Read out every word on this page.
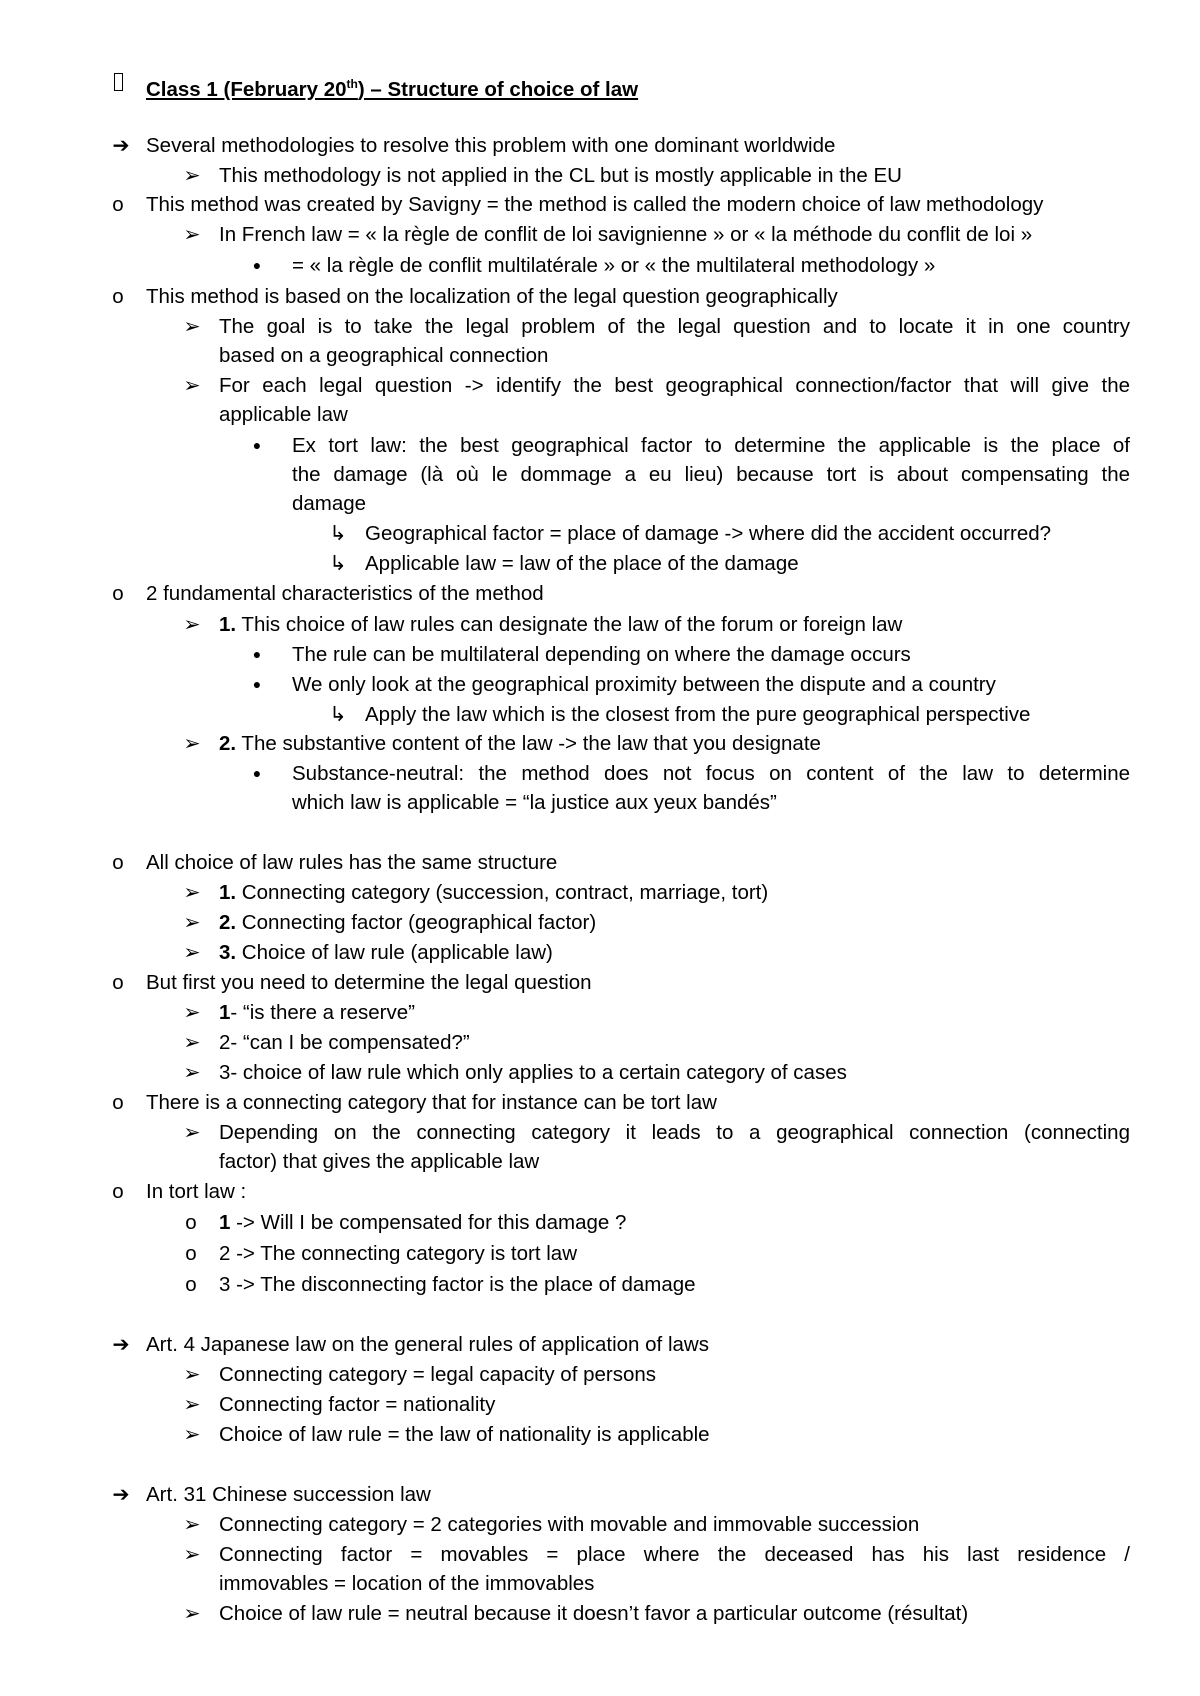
Class 1 (February 20th) – Structure of choice of law
➔ Several methodologies to resolve this problem with one dominant worldwide
➢ This methodology is not applied in the CL but is mostly applicable in the EU
o This method was created by Savigny = the method is called the modern choice of law methodology
➢ In French law = « la règle de conflit de loi savignienne » or « la méthode du conflit de loi »
● = « la règle de conflit multilatérale » or « the multilateral methodology »
o This method is based on the localization of the legal question geographically
➢ The goal is to take the legal problem of the legal question and to locate it in one country
based on a geographical connection
➢ For each legal question -> identify the best geographical connection/factor that will give the
applicable law
● Ex tort law: the best geographical factor to determine the applicable is the place of
the damage (là où le dommage a eu lieu) because tort is about compensating the
damage
↳ Geographical factor = place of damage -> where did the accident occurred?
↳ Applicable law = law of the place of the damage
o 2 fundamental characteristics of the method
➢ 1. This choice of law rules can designate the law of the forum or foreign law
● The rule can be multilateral depending on where the damage occurs
● We only look at the geographical proximity between the dispute and a country
↳ Apply the law which is the closest from the pure geographical perspective
➢ 2. The substantive content of the law -> the law that you designate
● Substance-neutral: the method does not focus on content of the law to determine
which law is applicable = “la justice aux yeux bandés”
o All choice of law rules has the same structure
➢ 1. Connecting category (succession, contract, marriage, tort)
➢ 2. Connecting factor (geographical factor)
➢ 3. Choice of law rule (applicable law)
o But first you need to determine the legal question
➢ 1- “is there a reserve”
➢ 2- “can I be compensated?”
➢ 3- choice of law rule which only applies to a certain category of cases
o There is a connecting category that for instance can be tort law
➢ Depending on the connecting category it leads to a geographical connection (connecting
factor) that gives the applicable law
o In tort law :
o 1 -> Will I be compensated for this damage ?
o 2 -> The connecting category is tort law
o 3 -> The disconnecting factor is the place of damage
➔ Art. 4 Japanese law on the general rules of application of laws
➢ Connecting category = legal capacity of persons
➢ Connecting factor = nationality
➢ Choice of law rule = the law of nationality is applicable
➔ Art. 31 Chinese succession law
➢ Connecting category = 2 categories with movable and immovable succession
➢ Connecting factor = movables = place where the deceased has his last residence /
immovables = location of the immovables
➢ Choice of law rule = neutral because it doesn’t favor a particular outcome (résultat)
